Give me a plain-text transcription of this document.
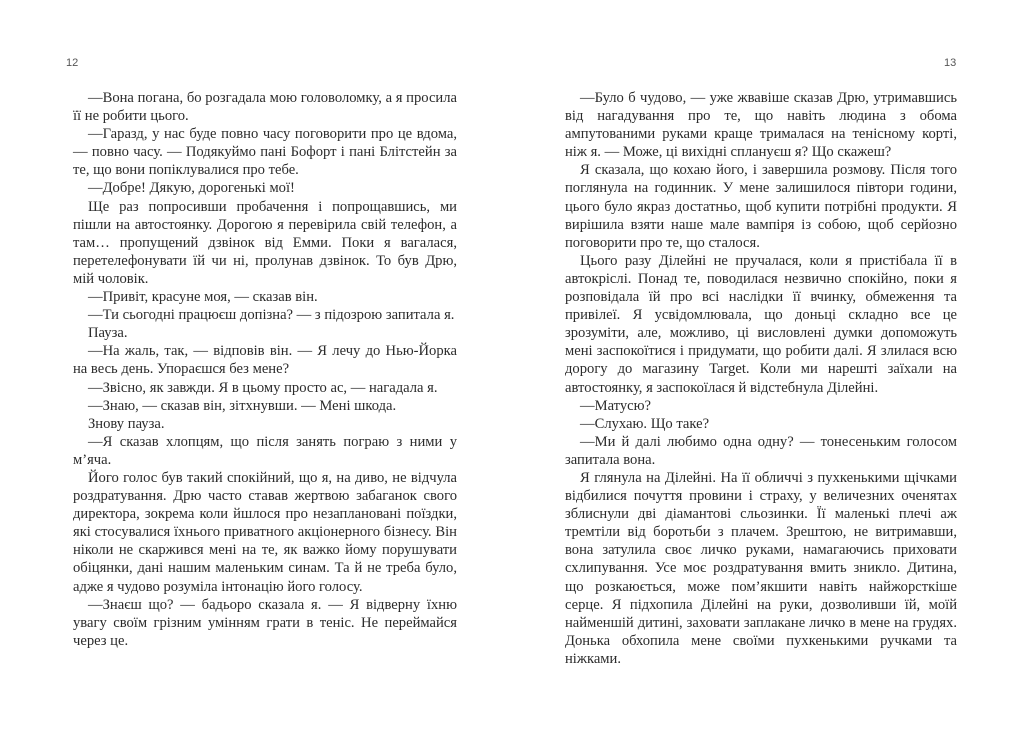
12	13

—Вона погана, бо розгадала мою головоломку, а я просила її не робити цього.

—Гаразд, у нас буде повно часу поговорити про це вдома, — повно часу. — Подякуймо пані Бофорт і пані Блітстейн за те, що вони попіклувалися про тебе.

—Добре! Дякую, дорогенькі мої!

Ще раз попросивши пробачення і попрощавшись, ми пішли на автостоянку. Дорогою я перевірила свій телефон, а там… пропущений дзвінок від Емми. Поки я вагалася, перетелефонувати їй чи ні, пролунав дзвінок. То був Дрю, мій чоловік.

—Привіт, красуне моя, — сказав він.

—Ти сьогодні працюєш допізна? — з підозрою запитала я.

Пауза.

—На жаль, так, — відповів він. — Я лечу до Нью-Йорка на весь день. Упораєшся без мене?

—Звісно, як завжди. Я в цьому просто ас, — нагадала я.

—Знаю, — сказав він, зітхнувши. — Мені шкода.

Знову пауза.

—Я сказав хлопцям, що після занять пограю з ними у м’яча.

Його голос був такий спокійний, що я, на диво, не відчула роздратування. Дрю часто ставав жертвою забаганок свого директора, зокрема коли йшлося про незаплановані поїздки, які стосувалися їхнього приватного акціонерного бізнесу. Він ніколи не скаржився мені на те, як важко йому порушувати обіцянки, дані нашим маленьким синам. Та й не треба було, адже я чудово розуміла інтонацію його голосу.

—Знаєш що? — бадьоро сказала я. — Я відверну їхню увагу своїм грізним умінням грати в теніс. Не переймайся через це.

—Було б чудово, — уже жвавіше сказав Дрю, утримавшись від нагадування про те, що навіть людина з обома ампутованими руками краще трималася на тенісному корті, ніж я. — Може, ці вихідні сплануєш я? Що скажеш?

Я сказала, що кохаю його, і завершила розмову. Після того поглянула на годинник. У мене залишилося півтори години, цього було якраз достатньо, щоб купити потрібні продукти. Я вирішила взяти наше мале вампіря із собою, щоб серйозно поговорити про те, що сталося.

Цього разу Ділейні не пручалася, коли я пристібала її в автокріслі. Понад те, поводилася незвично спокійно, поки я розповідала їй про всі наслідки її вчинку, обмеження та привілеї. Я усвідомлювала, що доньці складно все це зрозуміти, але, можливо, ці висловлені думки допоможуть мені заспокоїтися і придумати, що робити далі. Я злилася всю дорогу до магазину Target. Коли ми нарешті заїхали на автостоянку, я заспокоїлася й відстебнула Ділейні.

—Матусю?

—Слухаю. Що таке?

—Ми й далі любимо одна одну? — тонесеньким голосом запитала вона.

Я глянула на Ділейні. На її обличчі з пухкенькими щічками відбилися почуття провини і страху, у величезних оченятах зблиснули дві діамантові сльозинки. Її маленькі плечі аж тремтіли від боротьби з плачем. Зрештою, не витримавши, вона затулила своє личко руками, намагаючись приховати схлипування. Усе моє роздратування вмить зникло. Дитина, що розкаюється, може пом’якшити навіть найжорсткіше серце. Я підхопила Ділейні на руки, дозволивши їй, моїй найменшій дитині, заховати заплакане личко в мене на грудях. Донька обхопила мене своїми пухкенькими ручками та ніжками.
